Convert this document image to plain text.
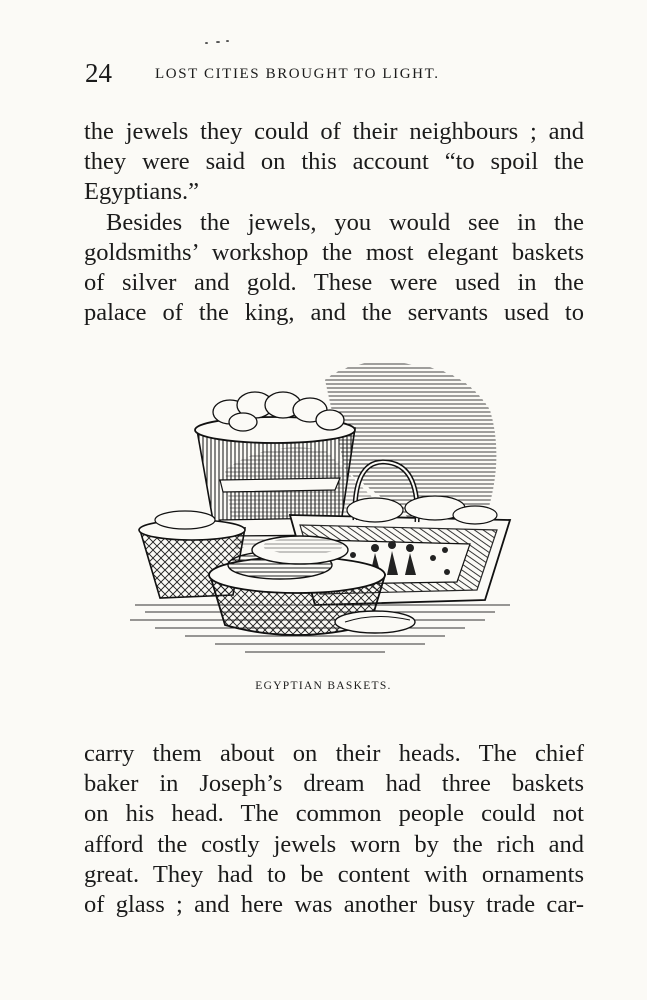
24	LOST CITIES BROUGHT TO LIGHT.
the jewels they could of their neighbours ; and
they were said on this account “to spoil the
Egyptians.”
Besides the jewels, you would see in the
goldsmiths’ workshop the most elegant baskets
of silver and gold. These were used in the
palace of the king, and the servants used to
EGYPTIAN BASKETS.
carry them about on their heads. The chief
baker in Joseph’s dream had three baskets
on his head. The common people could not
afford the costly jewels worn by the rich and
great. They had to be content with ornaments
of glass ; and here was another busy trade car-
